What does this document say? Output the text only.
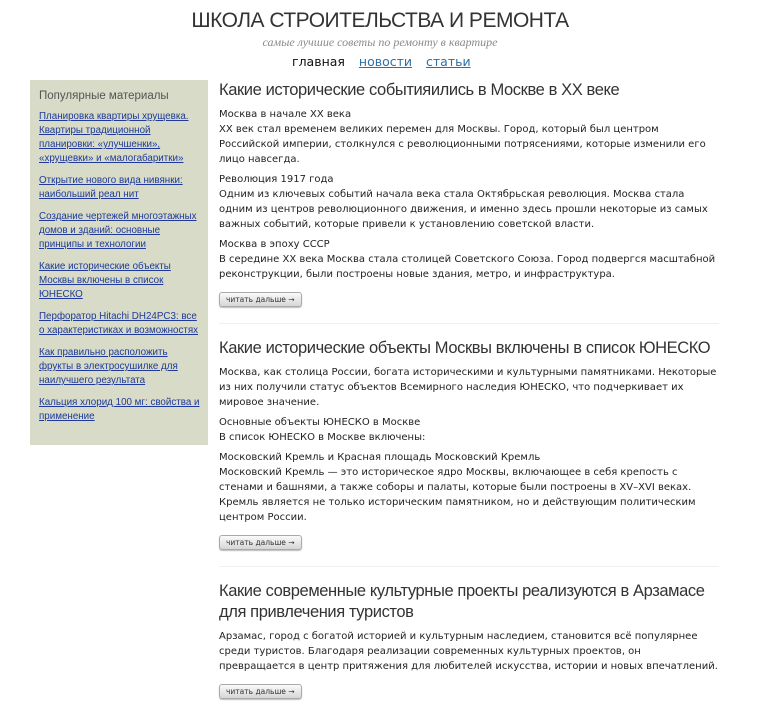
ШКОЛА СТРОИТЕЛЬСТВА И РЕМОНТА
самые лучшие советы по ремонту в квартире
главная новости статьи
Популярные материалы
Планировка квартиры хрущевка. Квартиры традиционной планировки: «улучшенки», «хрущевки» и «малогабаритки»
Открытие нового вида нивянки: наибольший реал нит
Создание чертежей многоэтажных домов и зданий: основные принципы и технологии
Какие исторические объекты Москвы включены в список ЮНЕСКО
Перфоратор Hitachi DH24PC3: все о характеристиках и возможностях
Как правильно расположить фрукты в электросушилке для наилучшего результата
Кальция хлорид 100 мг: свойства и применение
Какие исторические событияились в Москве в XX веке

Москва в начале XX века

XX век стал временем великих перемен для Москвы. Город, который был центром Российской империи, столкнулся с революционными потрясениями, которые изменили его лицо навсегда.

Революция 1917 года

Одним из ключевых событий начала века стала Октябрьская революция. Москва стала одним из центров революционного движения, и именно здесь прошли некоторые из самых важных событий, которые привели к установлению советской власти.

Москва в эпоху СССР

В середине XX века Москва стала столицей Советского Союза. Город подвергся масштабной реконструкции, были построены новые здания, метро, и инфраструктура.

читать дальше →
Какие исторические объекты Москвы включены в список ЮНЕСКО

Москва, как столица России, богата историческими и культурными памятниками. Некоторые из них получили статус объектов Всемирного наследия ЮНЕСКО, что подчеркивает их мировое значение.

Основные объекты ЮНЕСКО в Москве

В список ЮНЕСКО в Москве включены:

Московский Кремль и Красная площадь Московский Кремль

Московский Кремль — это историческое ядро Москвы, включающее в себя крепость с стенами и башнями, а также соборы и палаты, которые были построены в XV–XVI веках. Кремль является не только историческим памятником, но и действующим политическим центром России.

читать дальше →
Какие современные культурные проекты реализуются в Арзамасе для привлечения туристов

Арзамас, город с богатой историей и культурным наследием, становится всё популярнее среди туристов. Благодаря реализации современных культурных проектов, он превращается в центр притяжения для любителей искусства, истории и новых впечатлений.

читать дальше →
